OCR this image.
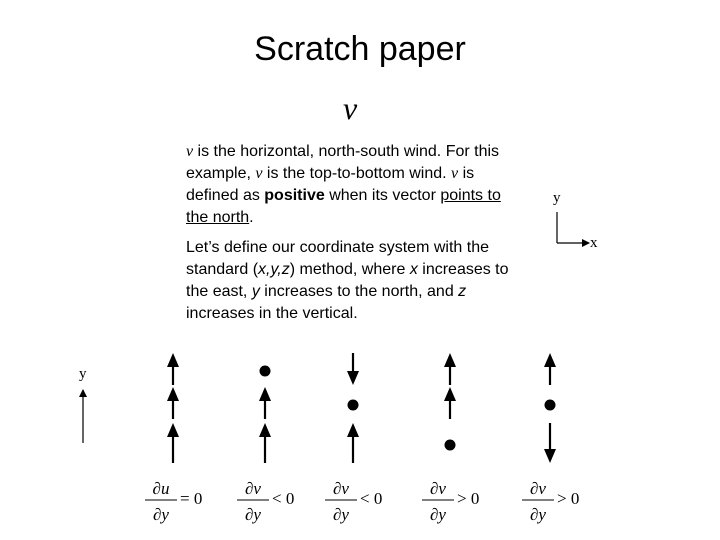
Scratch paper
v
v is the horizontal, north-south wind. For this example, v is the top-to-bottom wind. v is defined as positive when its vector points to the north.
Let’s define our coordinate system with the standard (x,y,z) method, where x increases to the east, y increases to the north, and z increases in the vertical.
y
x
y
∂u
∂y
= 0
∂v
∂y
< 0
∂v
∂y
< 0
∂v
∂y
> 0
∂v
∂y
> 0
